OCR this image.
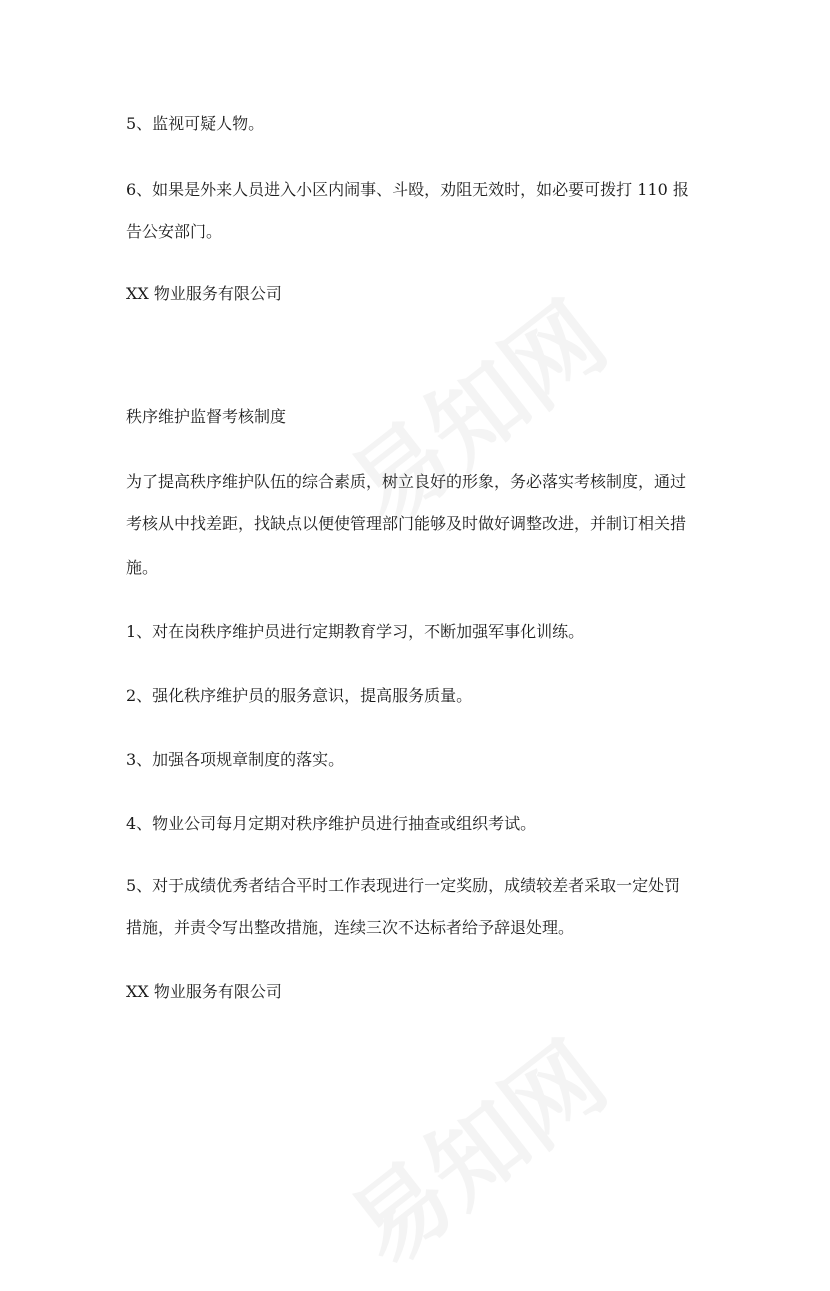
5、监视可疑人物。
6、如果是外来人员进入小区内闹事、斗殴，劝阻无效时，如必要可拨打 110 报
告公安部门。
XX 物业服务有限公司
秩序维护监督考核制度
为了提高秩序维护队伍的综合素质，树立良好的形象，务必落实考核制度，通过
考核从中找差距，找缺点以便使管理部门能够及时做好调整改进，并制订相关措
施。
1、对在岗秩序维护员进行定期教育学习，不断加强军事化训练。
2、强化秩序维护员的服务意识，提高服务质量。
3、加强各项规章制度的落实。
4、物业公司每月定期对秩序维护员进行抽查或组织考试。
5、对于成绩优秀者结合平时工作表现进行一定奖励，成绩较差者采取一定处罚
措施，并责令写出整改措施，连续三次不达标者给予辞退处理。
XX 物业服务有限公司
